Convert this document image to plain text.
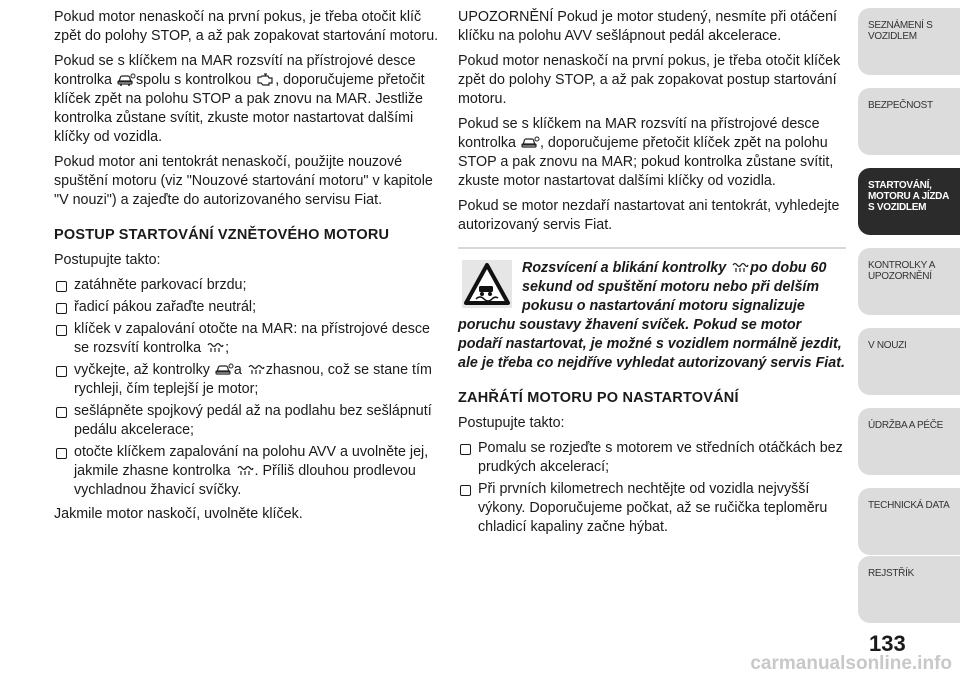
Pokud motor nenaskočí na první pokus, je třeba otočit klíč zpět do polohy STOP, a až pak zopakovat startování motoru.

Pokud se s klíčkem na MAR rozsvítí na přístrojové desce kontrolka
spolu s kontrolkou
, doporučujeme přetočit klíček zpět na polohu STOP a pak znovu na MAR. Jestliže kontrolka zůstane svítit, zkuste motor nastartovat dalšími klíčky od vozidla.

Pokud motor ani tentokrát nenaskočí, použijte nouzové spuštění motoru (viz "Nouzové startování motoru" v kapitole "V nouzi") a zajeďte do autorizovaného servisu Fiat.

POSTUP STARTOVÁNÍ VZNĚTOVÉHO MOTORU

Postupujte takto:

zatáhněte parkovací brzdu;
řadicí pákou zařaďte neutrál;
klíček v zapalování otočte na MAR: na přístrojové desce se rozsvítí kontrolka
;
vyčkejte, až kontrolky
a
zhasnou, což se stane tím rychleji, čím teplejší je motor;
sešlápněte spojkový pedál až na podlahu bez sešlápnutí pedálu akcelerace;
otočte klíčkem zapalování na polohu AVV a uvolněte jej, jakmile zhasne kontrolka
. Příliš dlouhou prodlevou vychladnou žhavicí svíčky.

Jakmile motor naskočí, uvolněte klíček.

UPOZORNĚNÍ Pokud je motor studený, nesmíte při otáčení klíčku na polohu AVV sešlápnout pedál akcelerace.

Pokud motor nenaskočí na první pokus, je třeba otočit klíček zpět do polohy STOP, a až pak zopakovat postup startování motoru.

Pokud se s klíčkem na MAR rozsvítí na přístrojové desce kontrolka
, doporučujeme přetočit klíček zpět na polohu STOP a pak znovu na MAR; pokud kontrolka zůstane svítit, zkuste motor nastartovat dalšími klíčky od vozidla.

Pokud se motor nezdaří nastartovat ani tentokrát, vyhledejte autorizovaný servis Fiat.

Rozsvícení a blikání kontrolky
po dobu 60 sekund od spuštění motoru nebo při delším pokusu o nastartování motoru signalizuje poruchu soustavy žhavení svíček. Pokud se motor podaří nastartovat, je možné s vozidlem normálně jezdit, ale je třeba co nejdříve vyhledat autorizovaný servis Fiat.
ZAHŘÁTÍ MOTORU PO NASTARTOVÁNÍ

Postupujte takto:

Pomalu se rozjeďte s motorem ve středních otáčkách bez prudkých akcelerací;
Při prvních kilometrech nechtějte od vozidla nejvyšší výkony. Doporučujeme počkat, až se ručička teploměru chladicí kapaliny začne hýbat.
SEZNÁMENÍ S VOZIDLEM
BEZPEČNOST
STARTOVÁNÍ, MOTORU A JÍZDA S VOZIDLEM
KONTROLKY A UPOZORNĚNÍ
V NOUZI
ÚDRŽBA A PÉČE
TECHNICKÁ DATA
REJSTŘÍK
133
carmanualsonline.info
